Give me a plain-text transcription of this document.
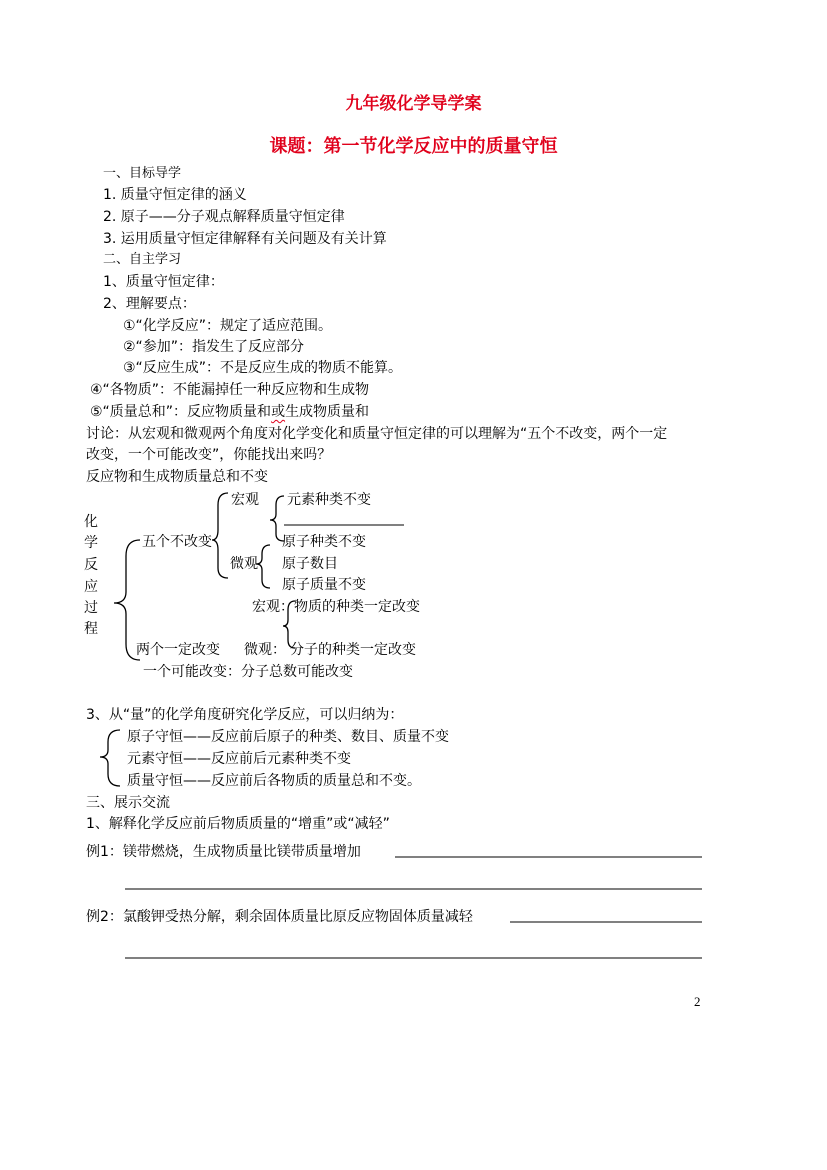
九年级化学导学案
课题：第一节化学反应中的质量守恒
一、目标导学
1. 质量守恒定律的涵义
2. 原子——分子观点解释质量守恒定律
3. 运用质量守恒定律解释有关问题及有关计算
二、自主学习
1、质量守恒定律：
2、理解要点：
①“化学反应”：规定了适应范围。
②“参加”：指发生了反应部分
③“反应生成”：不是反应生成的物质不能算。
④“各物质”：不能漏掉任一种反应物和生成物
⑤“质量总和”：反应物质量和或生成物质量和
讨论：从宏观和微观两个角度对化学变化和质量守恒定律的可以理解为“五个不改变，两个一定
改变，一个可能改变”，你能找出来吗？
反应物和生成物质量总和不变
化
学
反
应
过
程
五个不改变
宏观 元素种类不变
原子种类不变
微观 原子数目
原子质量不变
宏观： 物质的种类一定改变
两个一定改变 微观： 分子的种类一定改变
一个可能改变：分子总数可能改变
3、从“量”的化学角度研究化学反应，可以归纳为：
原子守恒——反应前后原子的种类、数目、质量不变
元素守恒——反应前后元素种类不变
质量守恒——反应前后各物质的质量总和不变。
三、展示交流
1、解释化学反应前后物质质量的“增重”或“减轻”
例1：镁带燃烧，生成物质量比镁带质量增加
例2：氯酸钾受热分解，剩余固体质量比原反应物固体质量减轻
2
